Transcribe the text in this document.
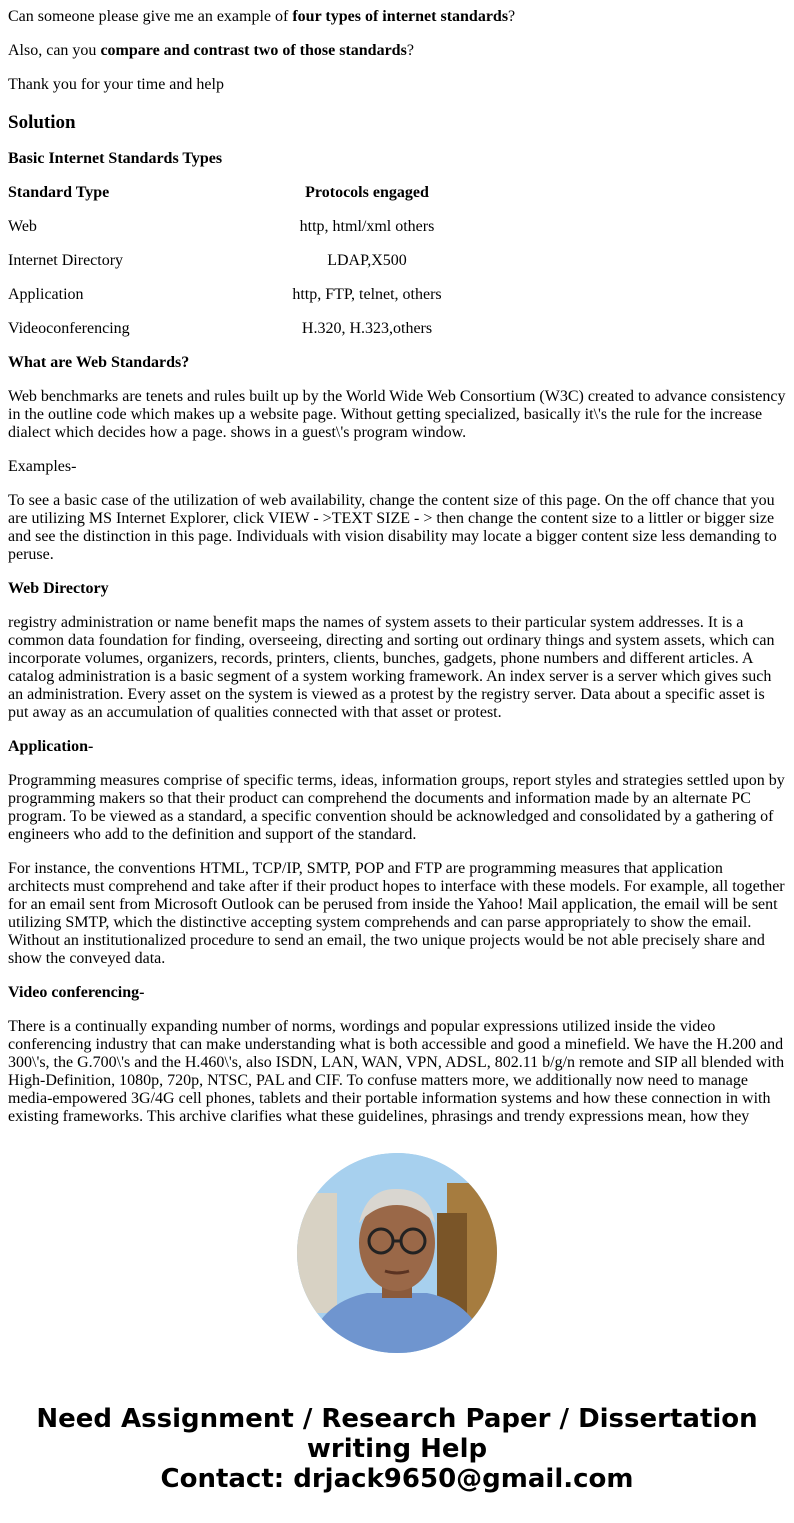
Can someone please give me an example of four types of internet standards?

Also, can you compare and contrast two of those standards?

Thank you for your time and help

Solution

Basic Internet Standards Types

Standard Type	Protocols engaged
Web	http, html/xml others
Internet Directory	LDAP,X500
Application	http, FTP, telnet, others
Videoconferencing	H.320, H.323,others

What are Web Standards?

Web benchmarks are tenets and rules built up by the World Wide Web Consortium (W3C) created to advance consistency in the outline code which makes up a website page. Without getting specialized, basically it\'s the rule for the increase dialect which decides how a page. shows in a guest\'s program window.

Examples-

To see a basic case of the utilization of web availability, change the content size of this page. On the off chance that you are utilizing MS Internet Explorer, click VIEW - >TEXT SIZE - > then change the content size to a littler or bigger size and see the distinction in this page. Individuals with vision disability may locate a bigger content size less demanding to peruse.

Web Directory

registry administration or name benefit maps the names of system assets to their particular system addresses. It is a common data foundation for finding, overseeing, directing and sorting out ordinary things and system assets, which can incorporate volumes, organizers, records, printers, clients, bunches, gadgets, phone numbers and different articles. A catalog administration is a basic segment of a system working framework. An index server is a server which gives such an administration. Every asset on the system is viewed as a protest by the registry server. Data about a specific asset is put away as an accumulation of qualities connected with that asset or protest.

Application-

Programming measures comprise of specific terms, ideas, information groups, report styles and strategies settled upon by programming makers so that their product can comprehend the documents and information made by an alternate PC program. To be viewed as a standard, a specific convention should be acknowledged and consolidated by a gathering of engineers who add to the definition and support of the standard.

For instance, the conventions HTML, TCP/IP, SMTP, POP and FTP are programming measures that application architects must comprehend and take after if their product hopes to interface with these models. For example, all together for an email sent from Microsoft Outlook can be perused from inside the Yahoo! Mail application, the email will be sent utilizing SMTP, which the distinctive accepting system comprehends and can parse appropriately to show the email. Without an institutionalized procedure to send an email, the two unique projects would be not able precisely share and show the conveyed data.

Video conferencing-

There is a continually expanding number of norms, wordings and popular expressions utilized inside the video conferencing industry that can make understanding what is both accessible and good a minefield. We have the H.200 and 300\'s, the G.700\'s and the H.460\'s, also ISDN, LAN, WAN, VPN, ADSL, 802.11 b/g/n remote and SIP all blended with High-Definition, 1080p, 720p, NTSC, PAL and CIF. To confuse matters more, we additionally now need to manage media-empowered 3G/4G cell phones, tablets and their portable information systems and how these connection in with existing frameworks. This archive clarifies what these guidelines, phrasings and trendy expressions mean, how they

Need Assignment / Research Paper / Dissertation
writing Help
Contact: drjack9650@gmail.com
